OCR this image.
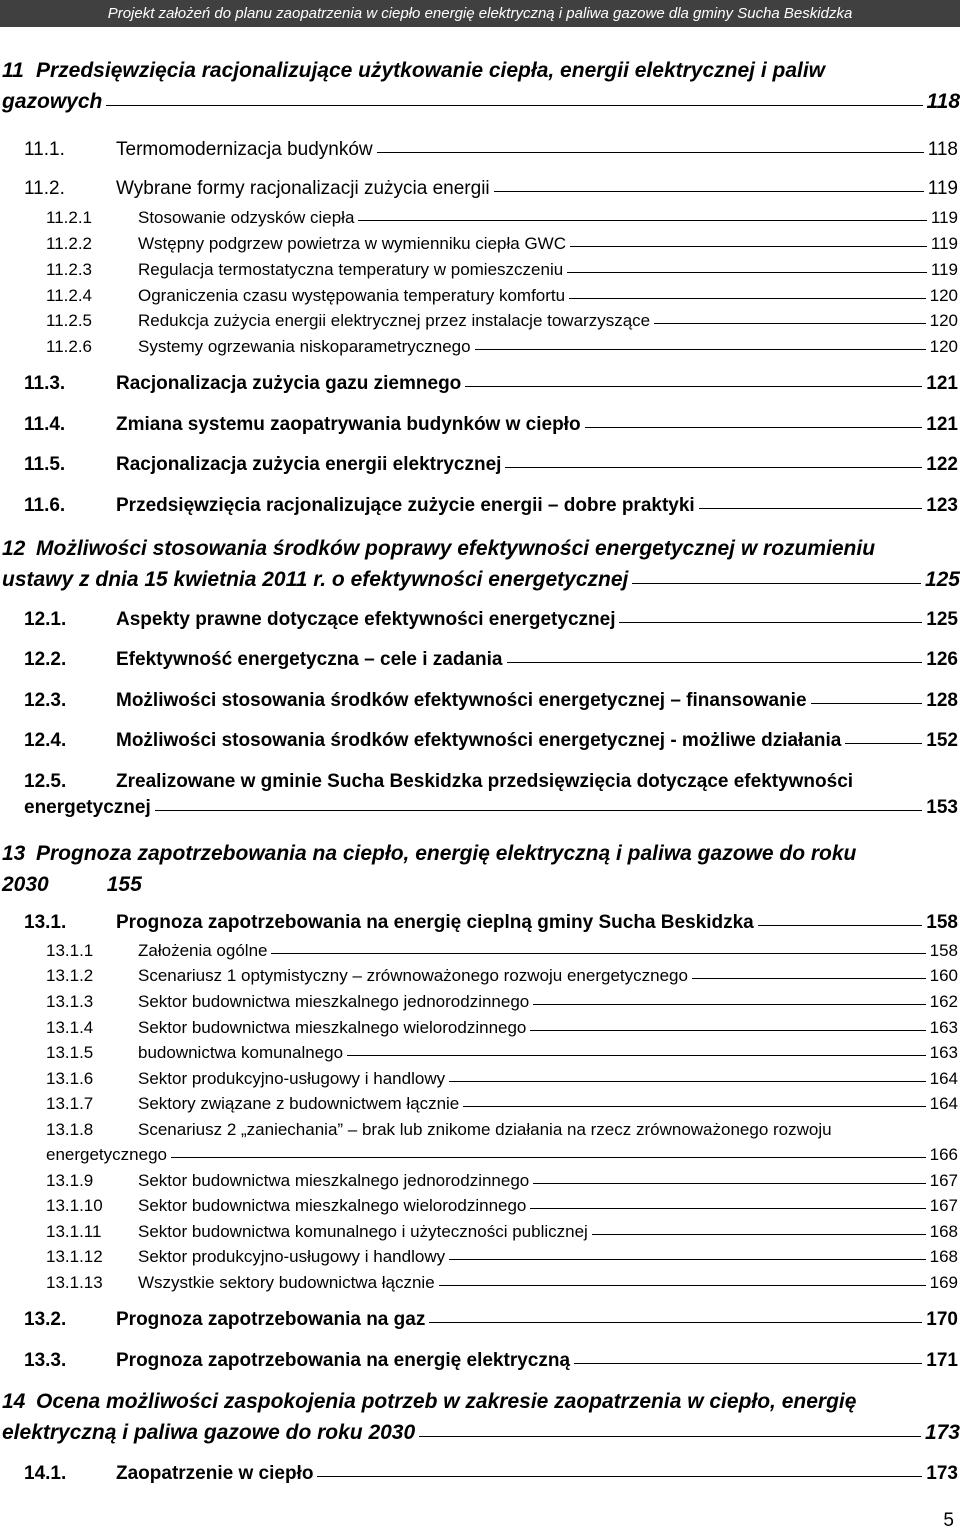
Projekt założeń do planu zaopatrzenia w ciepło energię elektryczną i paliwa gazowe dla gminy Sucha Beskidzka
11 Przedsięwzięcia racjonalizujące użytkowanie ciepła, energii elektrycznej i paliw
gazowych	118
11.1.	Termomodernizacja budynków	118
11.2.	Wybrane formy racjonalizacji zużycia energii	119
11.2.1	Stosowanie odzysków ciepła	119
11.2.2	Wstępny podgrzew powietrza w wymienniku ciepła GWC	119
11.2.3	Regulacja termostatyczna temperatury w pomieszczeniu	119
11.2.4	Ograniczenia czasu występowania temperatury komfortu	120
11.2.5	Redukcja zużycia energii elektrycznej przez instalacje towarzyszące	120
11.2.6	Systemy ogrzewania niskoparametrycznego	120
11.3.	Racjonalizacja zużycia gazu ziemnego	121
11.4.	Zmiana systemu zaopatrywania budynków w ciepło	121
11.5.	Racjonalizacja zużycia energii elektrycznej	122
11.6.	Przedsięwzięcia racjonalizujące zużycie energii – dobre praktyki	123
12 Możliwości stosowania środków poprawy efektywności energetycznej w rozumieniu
ustawy z dnia 15 kwietnia 2011 r. o efektywności energetycznej	125
12.1.	Aspekty prawne dotyczące efektywności energetycznej	125
12.2.	Efektywność energetyczna – cele i zadania	126
12.3.	Możliwości stosowania środków efektywności energetycznej – finansowanie	128
12.4.	Możliwości stosowania środków efektywności energetycznej - możliwe działania	152
12.5.	Zrealizowane w gminie Sucha Beskidzka przedsięwzięcia dotyczące efektywności
energetycznej	153
13 Prognoza zapotrzebowania na ciepło, energię elektryczną i paliwa gazowe do roku
2030	155
13.1.	Prognoza zapotrzebowania na energię cieplną gminy Sucha Beskidzka	158
13.1.1	Założenia ogólne	158
13.1.2	Scenariusz 1 optymistyczny – zrównoważonego rozwoju energetycznego	160
13.1.3	Sektor budownictwa mieszkalnego jednorodzinnego	162
13.1.4	Sektor budownictwa mieszkalnego wielorodzinnego	163
13.1.5	budownictwa komunalnego	163
13.1.6	Sektor produkcyjno-usługowy i handlowy	164
13.1.7	Sektory związane z budownictwem łącznie	164
13.1.8	Scenariusz 2 „zaniechania” – brak lub znikome działania na rzecz zrównoważonego rozwoju
energetycznego	166
13.1.9	Sektor budownictwa mieszkalnego jednorodzinnego	167
13.1.10	Sektor budownictwa mieszkalnego wielorodzinnego	167
13.1.11	Sektor budownictwa komunalnego i użyteczności publicznej	168
13.1.12	Sektor produkcyjno-usługowy i handlowy	168
13.1.13	Wszystkie sektory budownictwa łącznie	169
13.2.	Prognoza zapotrzebowania na gaz	170
13.3.	Prognoza zapotrzebowania na energię elektryczną	171
14 Ocena możliwości zaspokojenia potrzeb w zakresie zaopatrzenia w ciepło, energię
elektryczną i paliwa gazowe do roku 2030	173
14.1.	Zaopatrzenie w ciepło	173
5
